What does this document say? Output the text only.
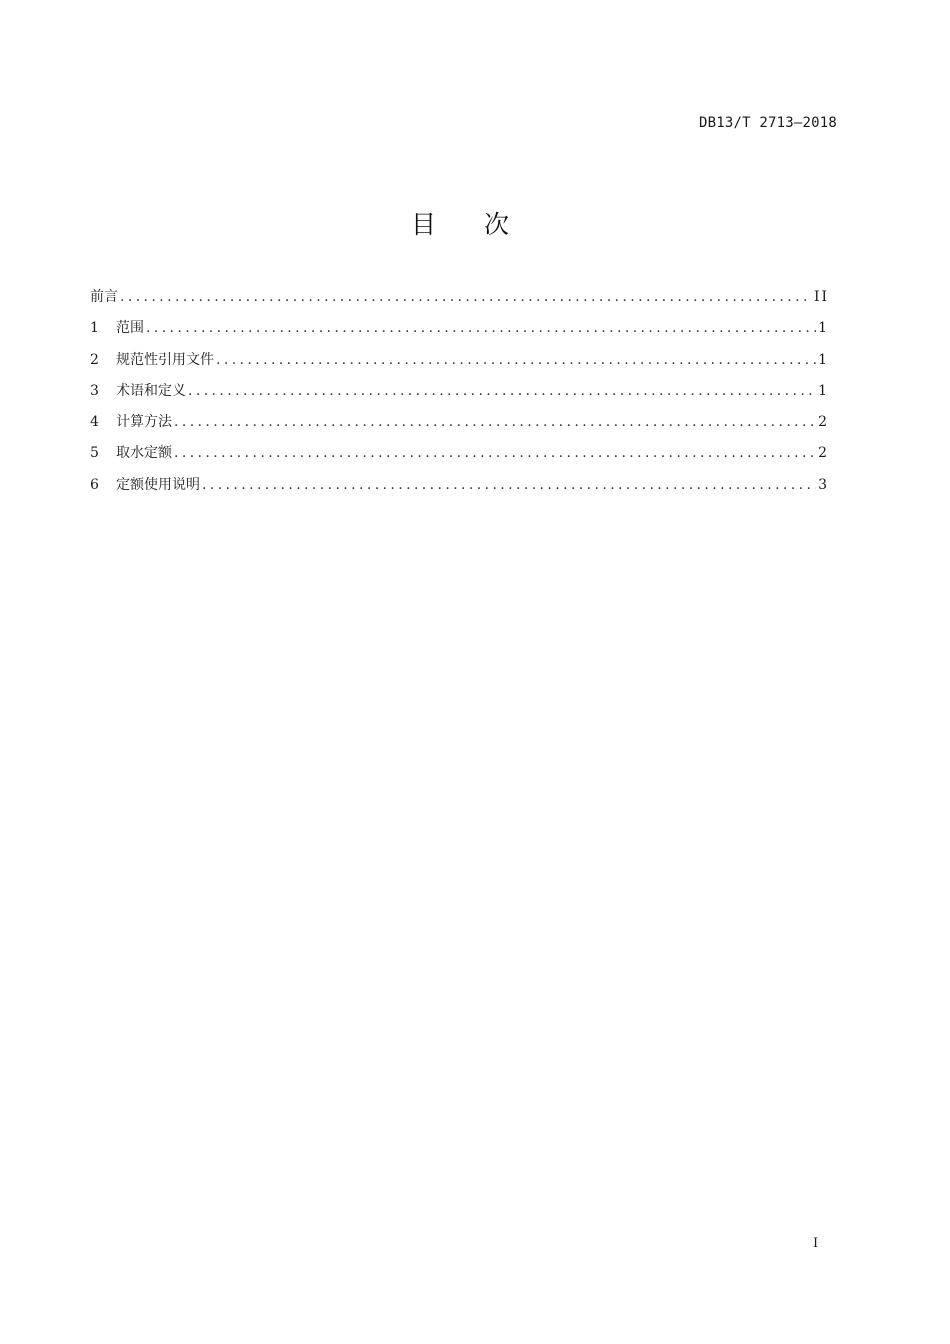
DB13/T 2713—2018
目次
前言 .....	II
1	范围 .....	1
2	规范性引用文件 .....	1
3	术语和定义 .....	1
4	计算方法 .....	2
5	取水定额 .....	2
6	定额使用说明 .....	3
I
